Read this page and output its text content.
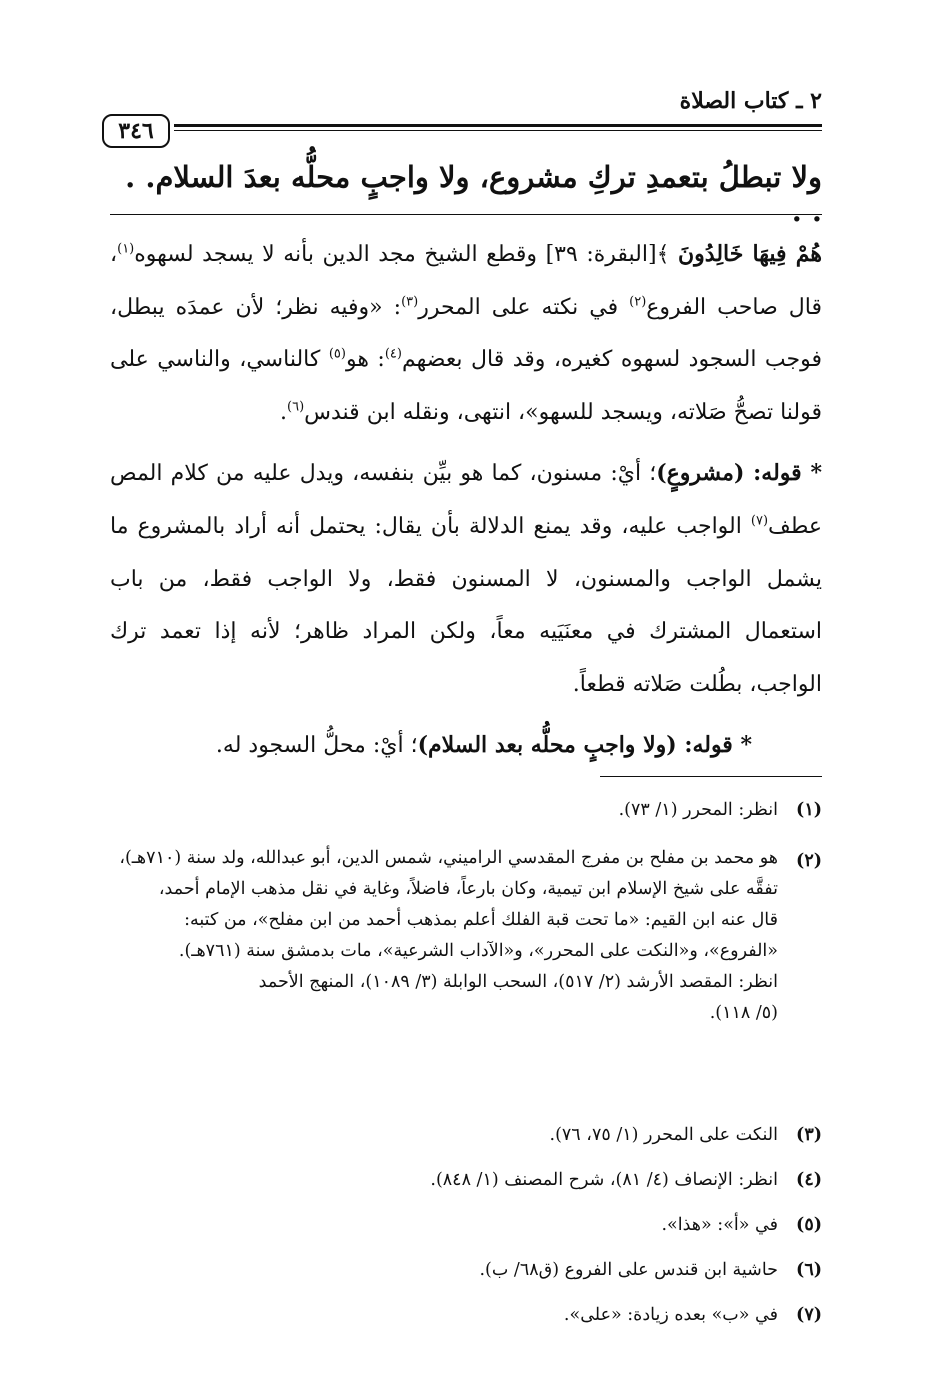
٢ ـ كتاب الصلاة
٣٤٦
ولا تبطلُ بتعمدِ تركِ مشروع، ولا واجبٍ محلُّه بعدَ السلام. . . .

هُمْ فِيهَا خَالِدُونَ ﴾[البقرة: ٣٩] وقطع الشيخ مجد الدين بأنه لا يسجد لسهوه$^{(١)}$، قال صاحب الفروع$^{(٢)}$ في نكته على المحرر$^{(٣)}$: «وفيه نظر؛ لأن عمدَه يبطل، فوجب السجود لسهوه كغيره، وقد قال بعضهم$^{(٤)}$: هو$^{(٥)}$ كالناسي، والناسي على قولنا تصحُّ صَلاته، ويسجد للسهو»، انتهى، ونقله ابن قندس$^{(٦)}$.

* قوله: (مشروعٍ)؛ أيْ: مسنون، كما هو بيِّن بنفسه، ويدل عليه من كلام المص عطف$^{(٧)}$ الواجب عليه، وقد يمنع الدلالة بأن يقال: يحتمل أنه أراد بالمشروع ما يشمل الواجب والمسنون، لا المسنون فقط، ولا الواجب فقط، من باب استعمال المشترك في معنَيَيه معاً، ولكن المراد ظاهر؛ لأنه إذا تعمد ترك الواجب، بطُلت صَلاته قطعاً.

* قوله: (ولا واجبٍ محلُّه بعد السلام)؛ أيْ: محلُّ السجود له.

(١)
انظر: المحرر (١/ ٧٣).
(٢)
هو محمد بن مفلح بن مفرج المقدسي الراميني، شمس الدين، أبو عبدالله، ولد سنة (٧١٠هـ)،
تفقَّه على شيخ الإسلام ابن تيمية، وكان بارعاً، فاضلاً، وغاية في نقل مذهب الإمام أحمد،
قال عنه ابن القيم: «ما تحت قبة الفلك أعلم بمذهب أحمد من ابن مفلح»، من كتبه:
«الفروع»، و«النكت على المحرر»، و«الآداب الشرعية»، مات بدمشق سنة (٧٦١هـ).
انظر: المقصد الأرشد (٢/ ٥١٧)، السحب الوابلة (٣/ ١٠٨٩)، المنهج الأحمد
(٥/ ١١٨).
(٣)
النكت على المحرر (١/ ٧٥، ٧٦).
(٤)
انظر: الإنصاف (٤/ ٨١)، شرح المصنف (١/ ٨٤٨).
(٥)
في «أ»: «هذا».
(٦)
حاشية ابن قندس على الفروع (ق٦٨/ ب).
(٧)
في «ب» بعده زيادة: «على».
